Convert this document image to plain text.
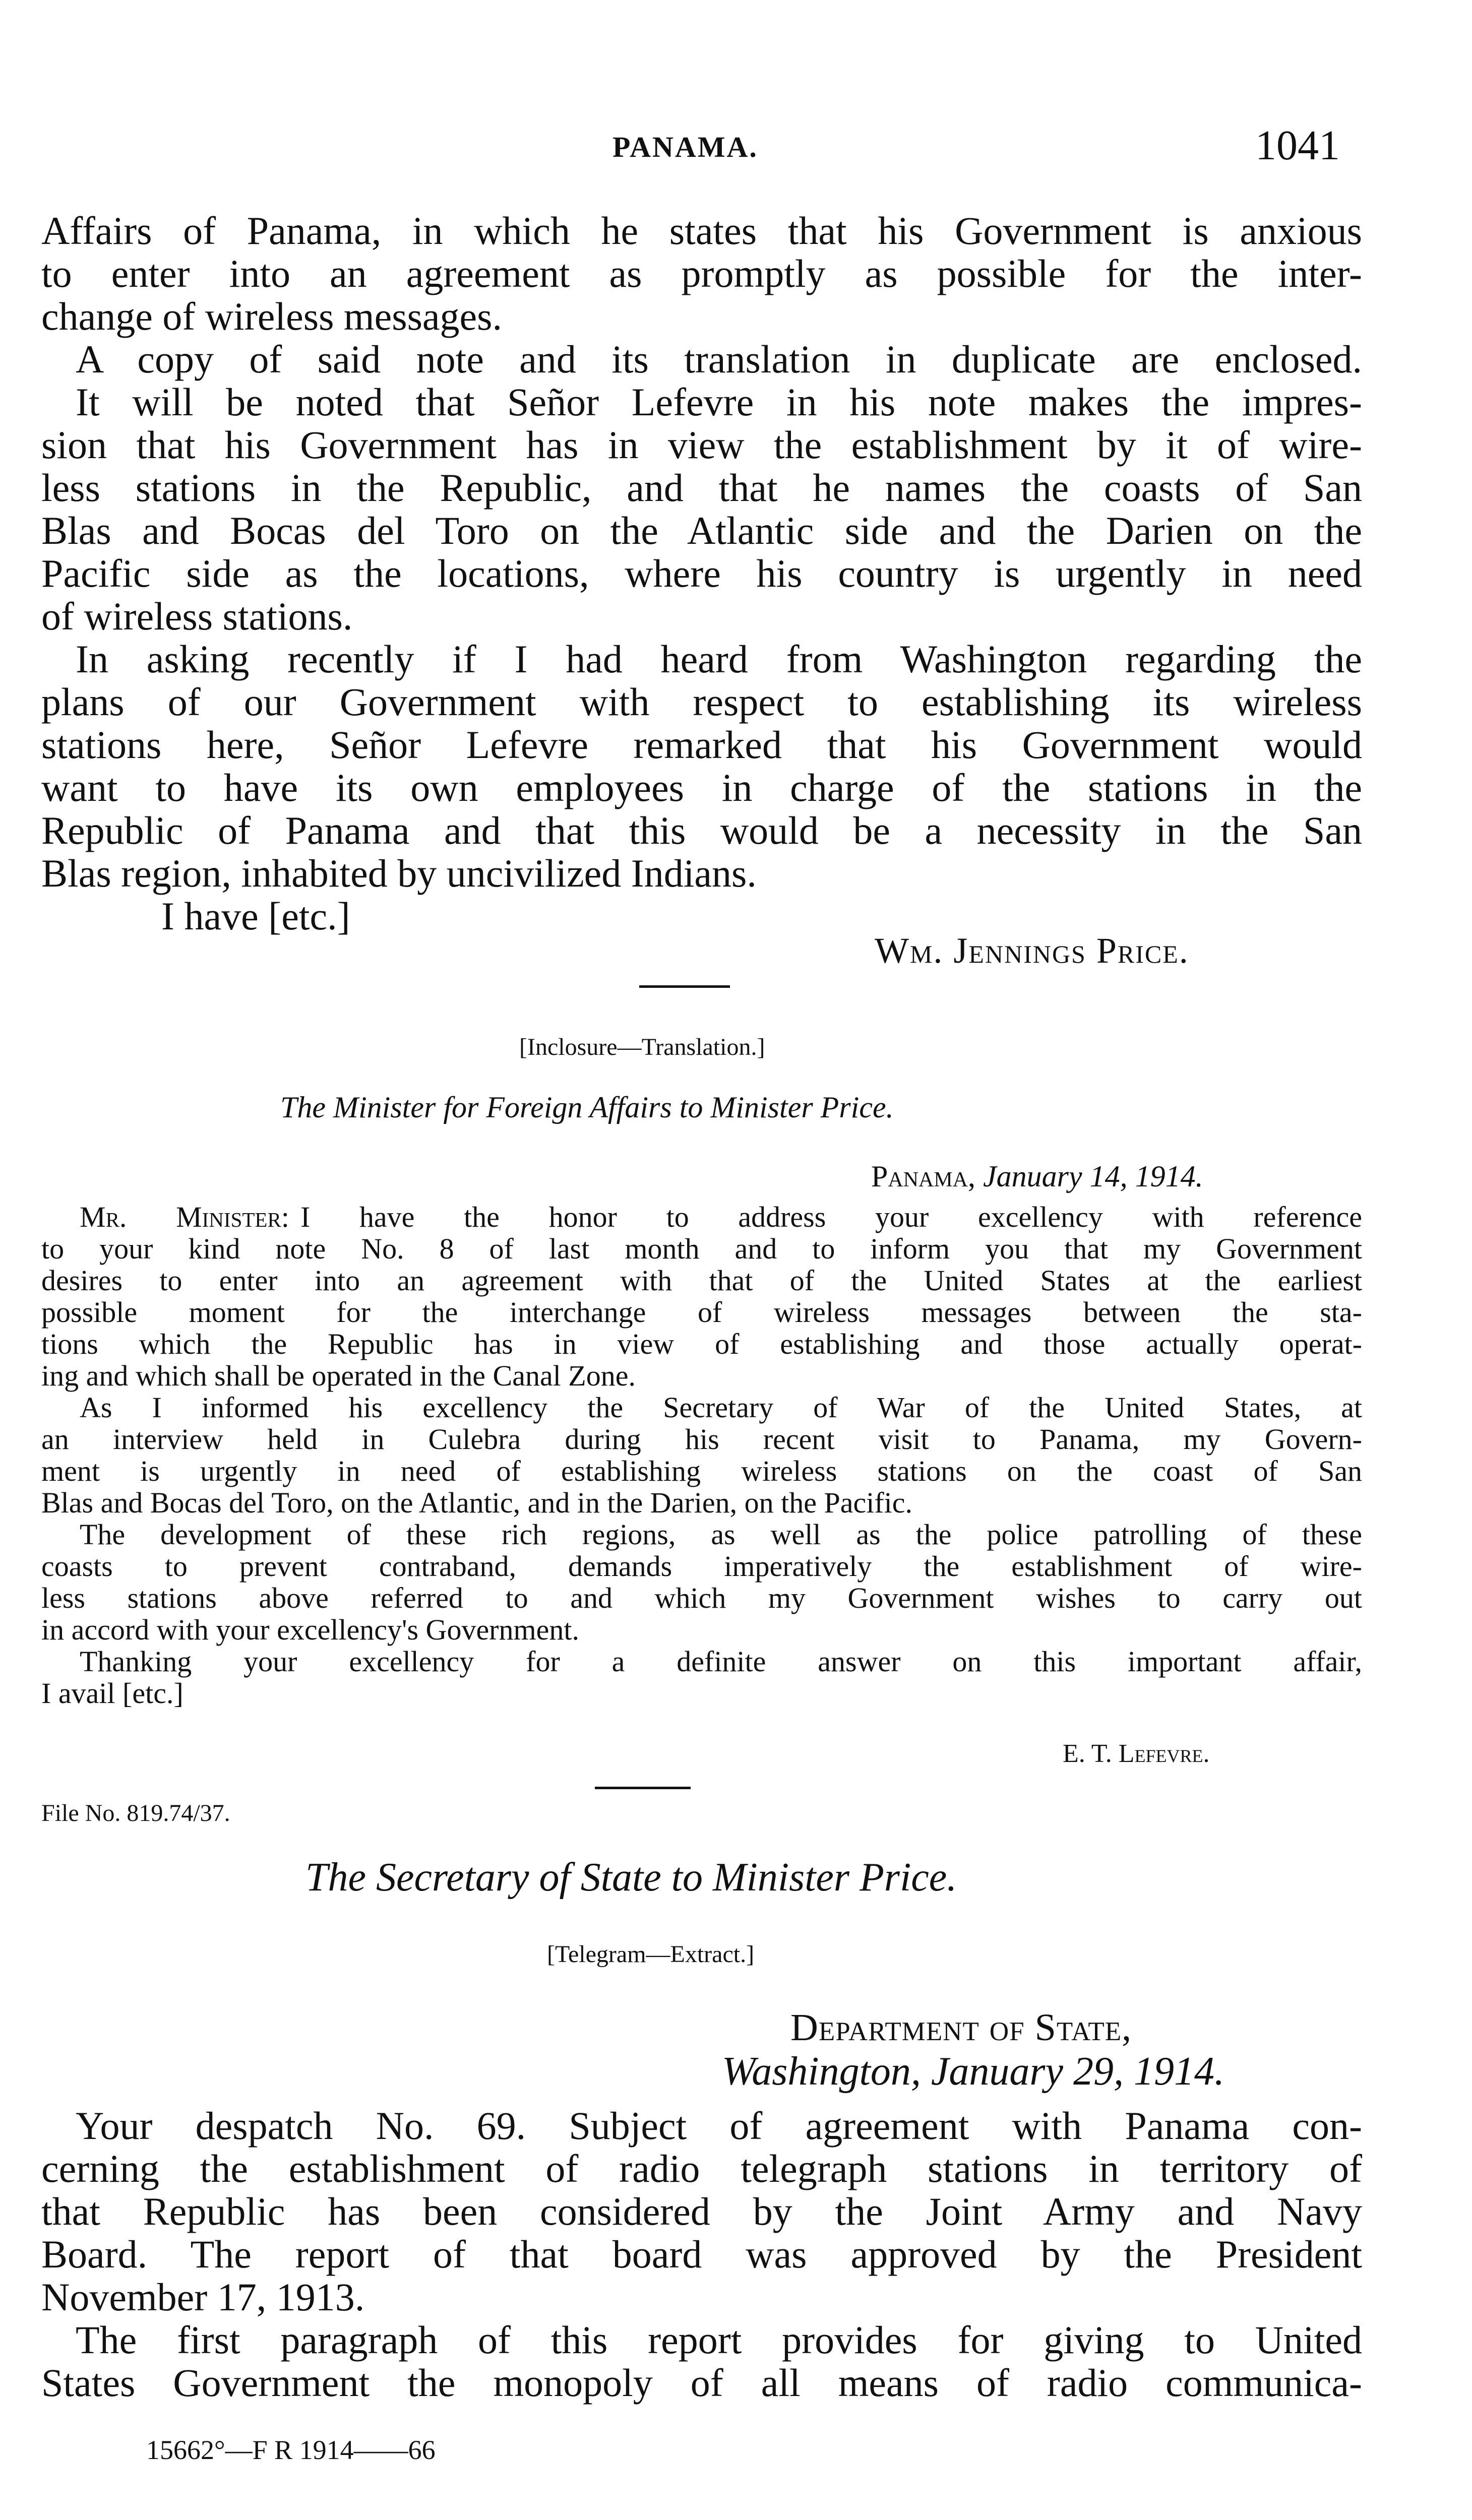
PANAMA.	1041
Affairs of Panama, in which he states that his Government is anxious
to enter into an agreement as promptly as possible for the inter-
change of wireless messages.
A copy of said note and its translation in duplicate are enclosed.
It will be noted that Señor Lefevre in his note makes the impres-
sion that his Government has in view the establishment by it of wire-
less stations in the Republic, and that he names the coasts of San
Blas and Bocas del Toro on the Atlantic side and the Darien on the
Pacific side as the locations, where his country is urgently in need
of wireless stations.
In asking recently if I had heard from Washington regarding the
plans of our Government with respect to establishing its wireless
stations here, Señor Lefevre remarked that his Government would
want to have its own employees in charge of the stations in the
Republic of Panama and that this would be a necessity in the San
Blas region, inhabited by uncivilized Indians.
I have [etc.]
Wm. Jennings Price.
[Inclosure—Translation.]
The Minister for Foreign Affairs to Minister Price.
Panama, January 14, 1914.
Mr. Minister: I have the honor to address your excellency with reference
to your kind note No. 8 of last month and to inform you that my Government
desires to enter into an agreement with that of the United States at the earliest
possible moment for the interchange of wireless messages between the sta-
tions which the Republic has in view of establishing and those actually operat-
ing and which shall be operated in the Canal Zone.
As I informed his excellency the Secretary of War of the United States, at
an interview held in Culebra during his recent visit to Panama, my Govern-
ment is urgently in need of establishing wireless stations on the coast of San
Blas and Bocas del Toro, on the Atlantic, and in the Darien, on the Pacific.
The development of these rich regions, as well as the police patrolling of these
coasts to prevent contraband, demands imperatively the establishment of wire-
less stations above referred to and which my Government wishes to carry out
in accord with your excellency's Government.
Thanking your excellency for a definite answer on this important affair,
I avail [etc.]
E. T. Lefevre.
File No. 819.74/37.
The Secretary of State to Minister Price.
[Telegram—Extract.]
Department of State,
Washington, January 29, 1914.
Your despatch No. 69. Subject of agreement with Panama con-
cerning the establishment of radio telegraph stations in territory of
that Republic has been considered by the Joint Army and Navy
Board. The report of that board was approved by the President
November 17, 1913.
The first paragraph of this report provides for giving to United
States Government the monopoly of all means of radio communica-
15662°—F R 1914——66
